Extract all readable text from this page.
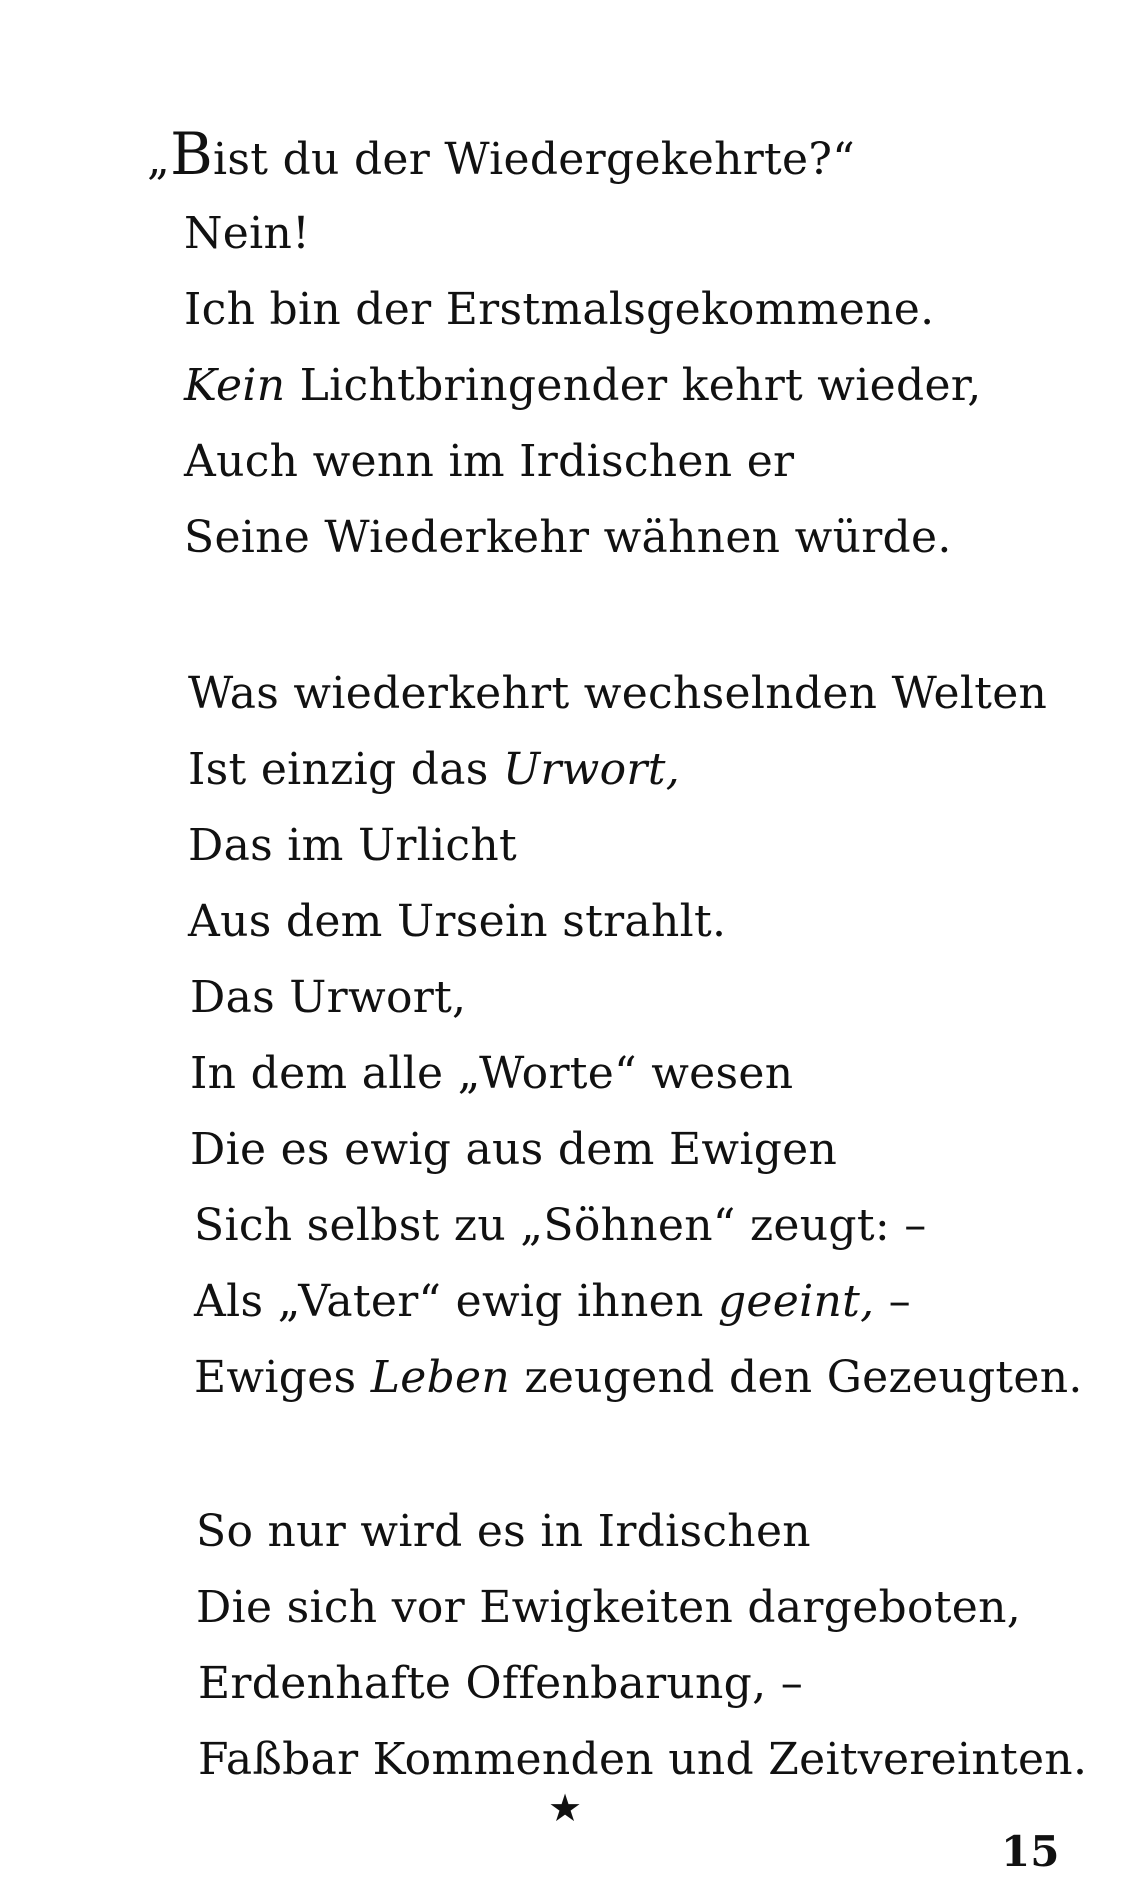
„Bist du der Wiedergekehrte?“
Nein!
Ich bin der Erstmalsgekommene.
Kein Lichtbringender kehrt wieder,
Auch wenn im Irdischen er
Seine Wiederkehr wähnen würde.
Was wiederkehrt wechselnden Welten
Ist einzig das Urwort,
Das im Urlicht
Aus dem Ursein strahlt.
Das Urwort,
In dem alle „Worte“ wesen
Die es ewig aus dem Ewigen
Sich selbst zu „Söhnen“ zeugt: –
Als „Vater“ ewig ihnen geeint, –
Ewiges Leben zeugend den Gezeugten.
So nur wird es in Irdischen
Die sich vor Ewigkeiten dargeboten,
Erdenhafte Offenbarung, –
Faßbar Kommenden und Zeitvereinten.
★
15
